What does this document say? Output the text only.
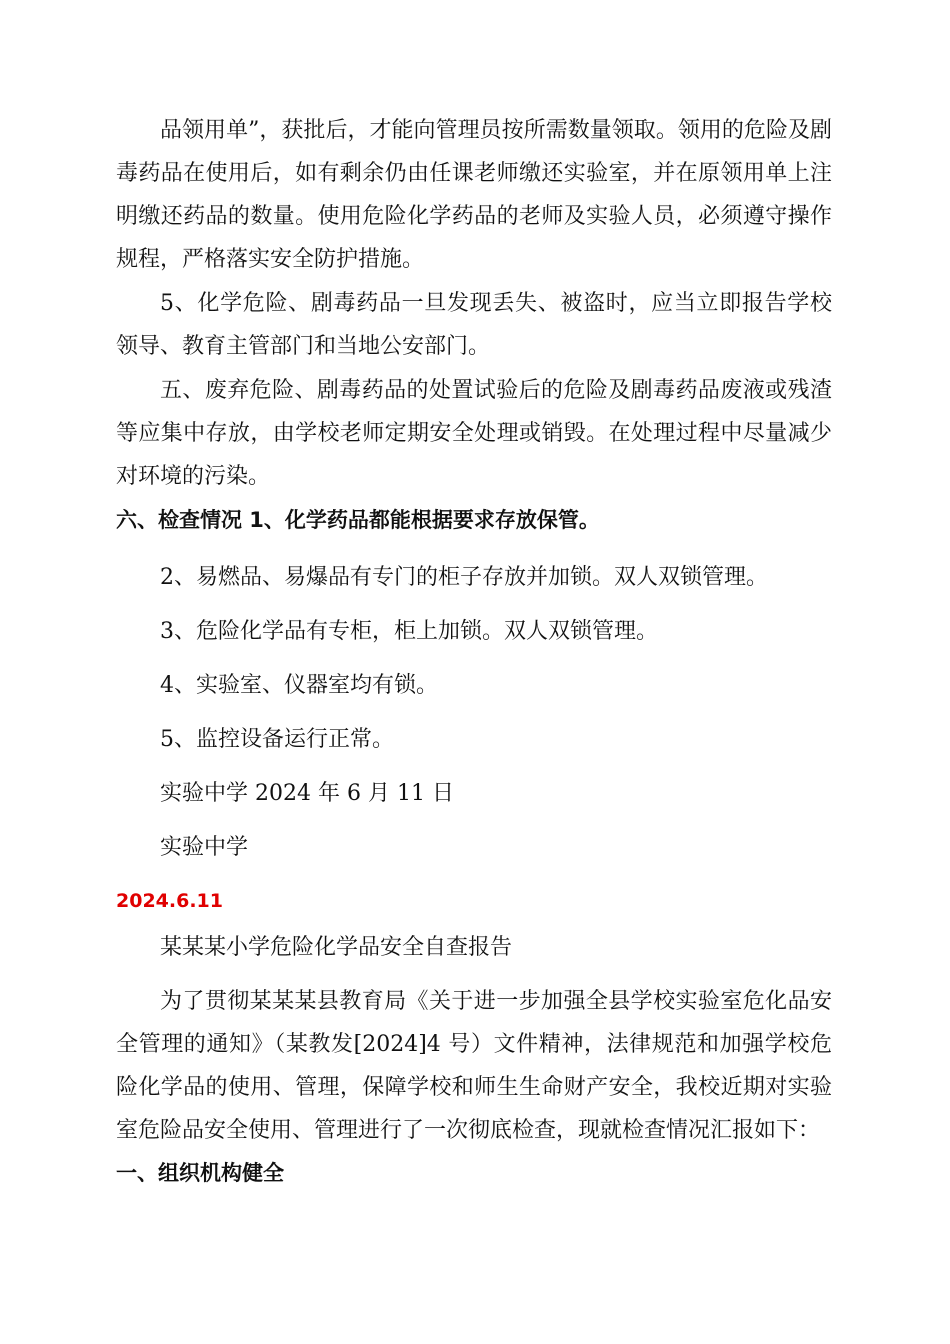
品领用单”，获批后，才能向管理员按所需数量领取。领用的危险及剧毒药品在使用后，如有剩余仍由任课老师缴还实验室，并在原领用单上注明缴还药品的数量。使用危险化学药品的老师及实验人员，必须遵守操作规程，严格落实安全防护措施。

5、化学危险、剧毒药品一旦发现丢失、被盗时，应当立即报告学校领导、教育主管部门和当地公安部门。

五、废弃危险、剧毒药品的处置试验后的危险及剧毒药品废液或残渣等应集中存放，由学校老师定期安全处理或销毁。在处理过程中尽量减少对环境的污染。

六、检查情况 1、化学药品都能根据要求存放保管。

2、易燃品、易爆品有专门的柜子存放并加锁。双人双锁管理。

3、危险化学品有专柜，柜上加锁。双人双锁管理。

4、实验室、仪器室均有锁。

5、监控设备运行正常。

实验中学 2024 年 6 月 11 日

实验中学

2024.6.11

某某某小学危险化学品安全自查报告

为了贯彻某某某县教育局《关于进一步加强全县学校实验室危化品安全管理的通知》（某教发[2024]4 号）文件精神，法律规范和加强学校危险化学品的使用、管理，保障学校和师生生命财产安全，我校近期对实验室危险品安全使用、管理进行了一次彻底检查，现就检查情况汇报如下：

一、组织机构健全
